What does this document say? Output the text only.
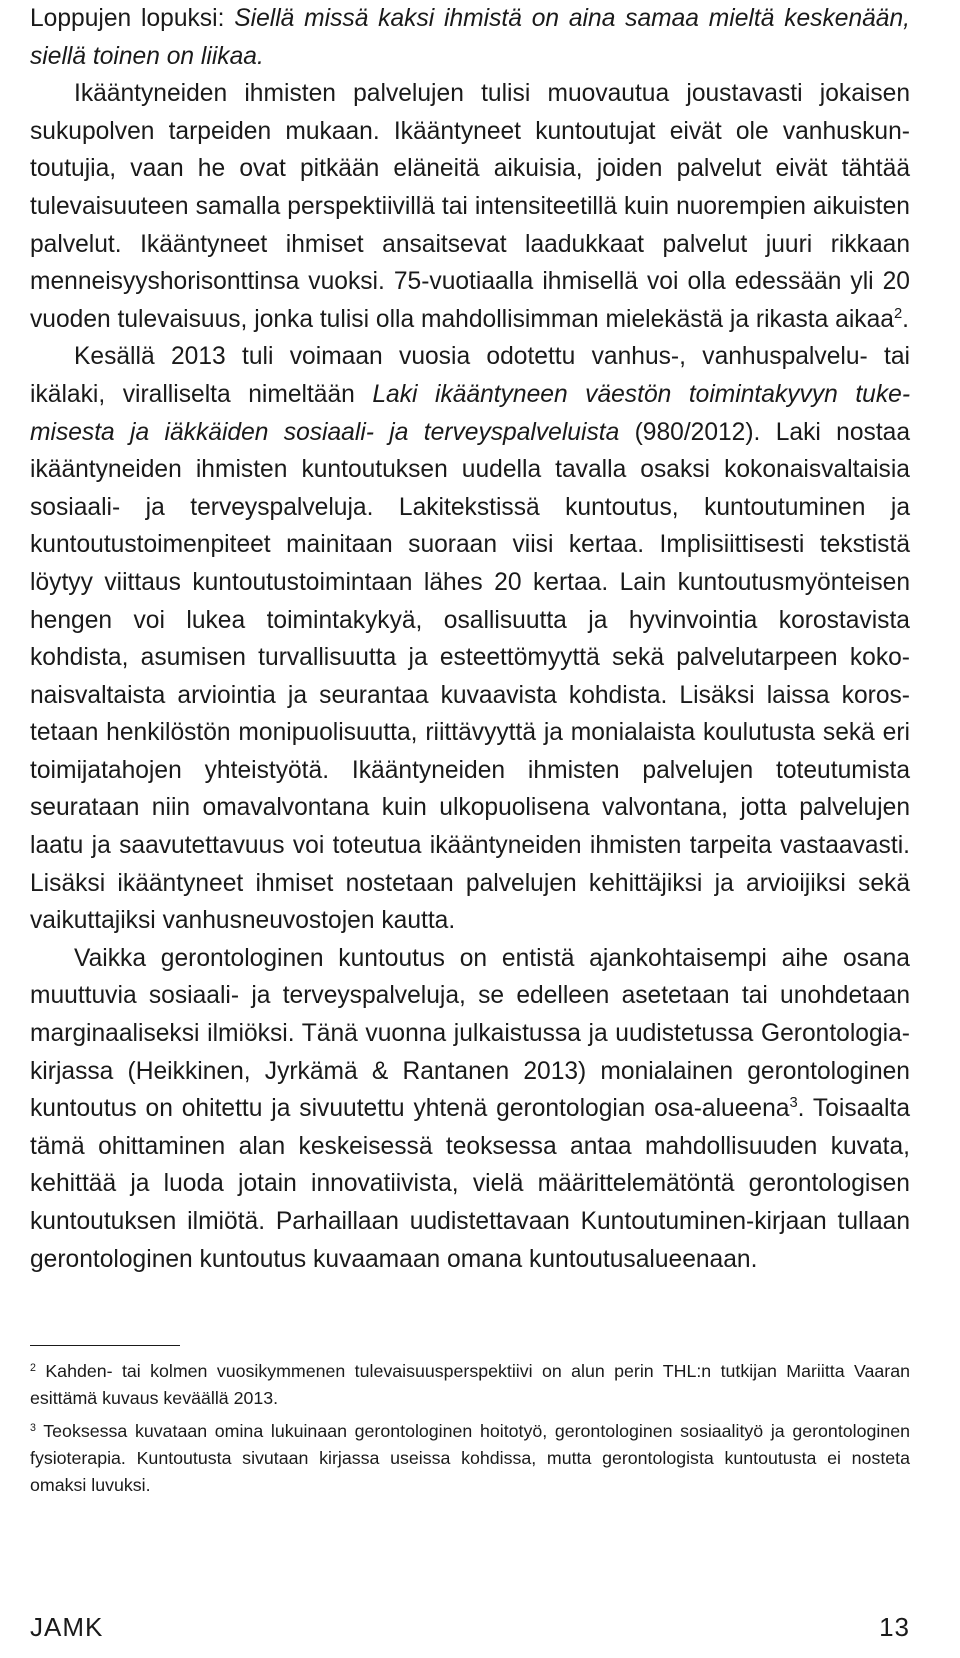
Loppujen lopuksi: Siellä missä kaksi ihmistä on aina samaa mieltä keskenään, siellä toinen on liikaa.

Ikääntyneiden ihmisten palvelujen tulisi muovautua joustavasti jokaisen sukupolven tarpeiden mukaan. Ikääntyneet kuntoutujat eivät ole vanhuskuntoutujia, vaan he ovat pitkään eläneitä aikuisia, joiden palvelut eivät tähtää tulevaisuuteen samalla perspektiivillä tai intensiteetillä kuin nuorempien aikuisten palvelut. Ikääntyneet ihmiset ansaitsevat laadukkaat palvelut juuri rikkaan menneisyyshorisonttinsa vuoksi. 75-vuotiaalla ihmisellä voi olla edessään yli 20 vuoden tulevaisuus, jonka tulisi olla mahdollisimman mielekästä ja rikasta aikaa$^2$.

Kesällä 2013 tuli voimaan vuosia odotettu vanhus-, vanhuspalvelu- tai ikälaki, viralliselta nimeltään Laki ikääntyneen väestön toimintakyvyn tukemisesta ja iäkkäiden sosiaali- ja terveyspalveluista (980/2012). Laki nostaa ikääntyneiden ihmisten kuntoutuksen uudella tavalla osaksi kokonaisvaltaisia sosiaali- ja terveyspalveluja. Lakitekstissä kuntoutus, kuntoutuminen ja kuntoutustoimenpiteet mainitaan suoraan viisi kertaa. Implisiittisesti tekstistä löytyy viittaus kuntoutustoimintaan lähes 20 kertaa. Lain kuntoutusmyönteisen hengen voi lukea toimintakykyä, osallisuutta ja hyvinvointia korostavista kohdista, asumisen turvallisuutta ja esteettömyyttä sekä palvelutarpeen kokonaisvaltaista arviointia ja seurantaa kuvaavista kohdista. Lisäksi laissa korostetaan henkilöstön monipuolisuutta, riittävyyttä ja monialaista koulutusta sekä eri toimijatahojen yhteistyötä. Ikääntyneiden ihmisten palvelujen toteutumista seurataan niin omavalvontana kuin ulkopuolisena valvontana, jotta palvelujen laatu ja saavutettavuus voi toteutua ikääntyneiden ihmisten tarpeita vastaavasti. Lisäksi ikääntyneet ihmiset nostetaan palvelujen kehittäjiksi ja arvioijiksi sekä vaikuttajiksi vanhusneuvostojen kautta.

Vaikka gerontologinen kuntoutus on entistä ajankohtaisempi aihe osana muuttuvia sosiaali- ja terveyspalveluja, se edelleen asetetaan tai unohdetaan marginaaliseksi ilmiöksi. Tänä vuonna julkaistussa ja uudistetussa Gerontologia-kirjassa (Heikkinen, Jyrkämä & Rantanen 2013) monialainen gerontologinen kuntoutus on ohitettu ja sivuutettu yhtenä gerontologian osa-alueena$^3$. Toisaalta tämä ohittaminen alan keskeisessä teoksessa antaa mahdollisuuden kuvata, kehittää ja luoda jotain innovatiivista, vielä määrittelemätöntä gerontologisen kuntoutuksen ilmiötä. Parhaillaan uudistettavaan Kuntoutuminen-kirjaan tullaan gerontologinen kuntoutus kuvaamaan omana kuntoutusalueenaan.

$^2$ Kahden- tai kolmen vuosikymmenen tulevaisuusperspektiivi on alun perin THL:n tutkijan Mariitta Vaaran esittämä kuvaus keväällä 2013.

$^3$ Teoksessa kuvataan omina lukuinaan gerontologinen hoitotyö, gerontologinen sosiaalityö ja gerontologinen fysioterapia. Kuntoutusta sivutaan kirjassa useissa kohdissa, mutta gerontologista kuntoutusta ei nosteta omaksi luvuksi.

JAMK	13
